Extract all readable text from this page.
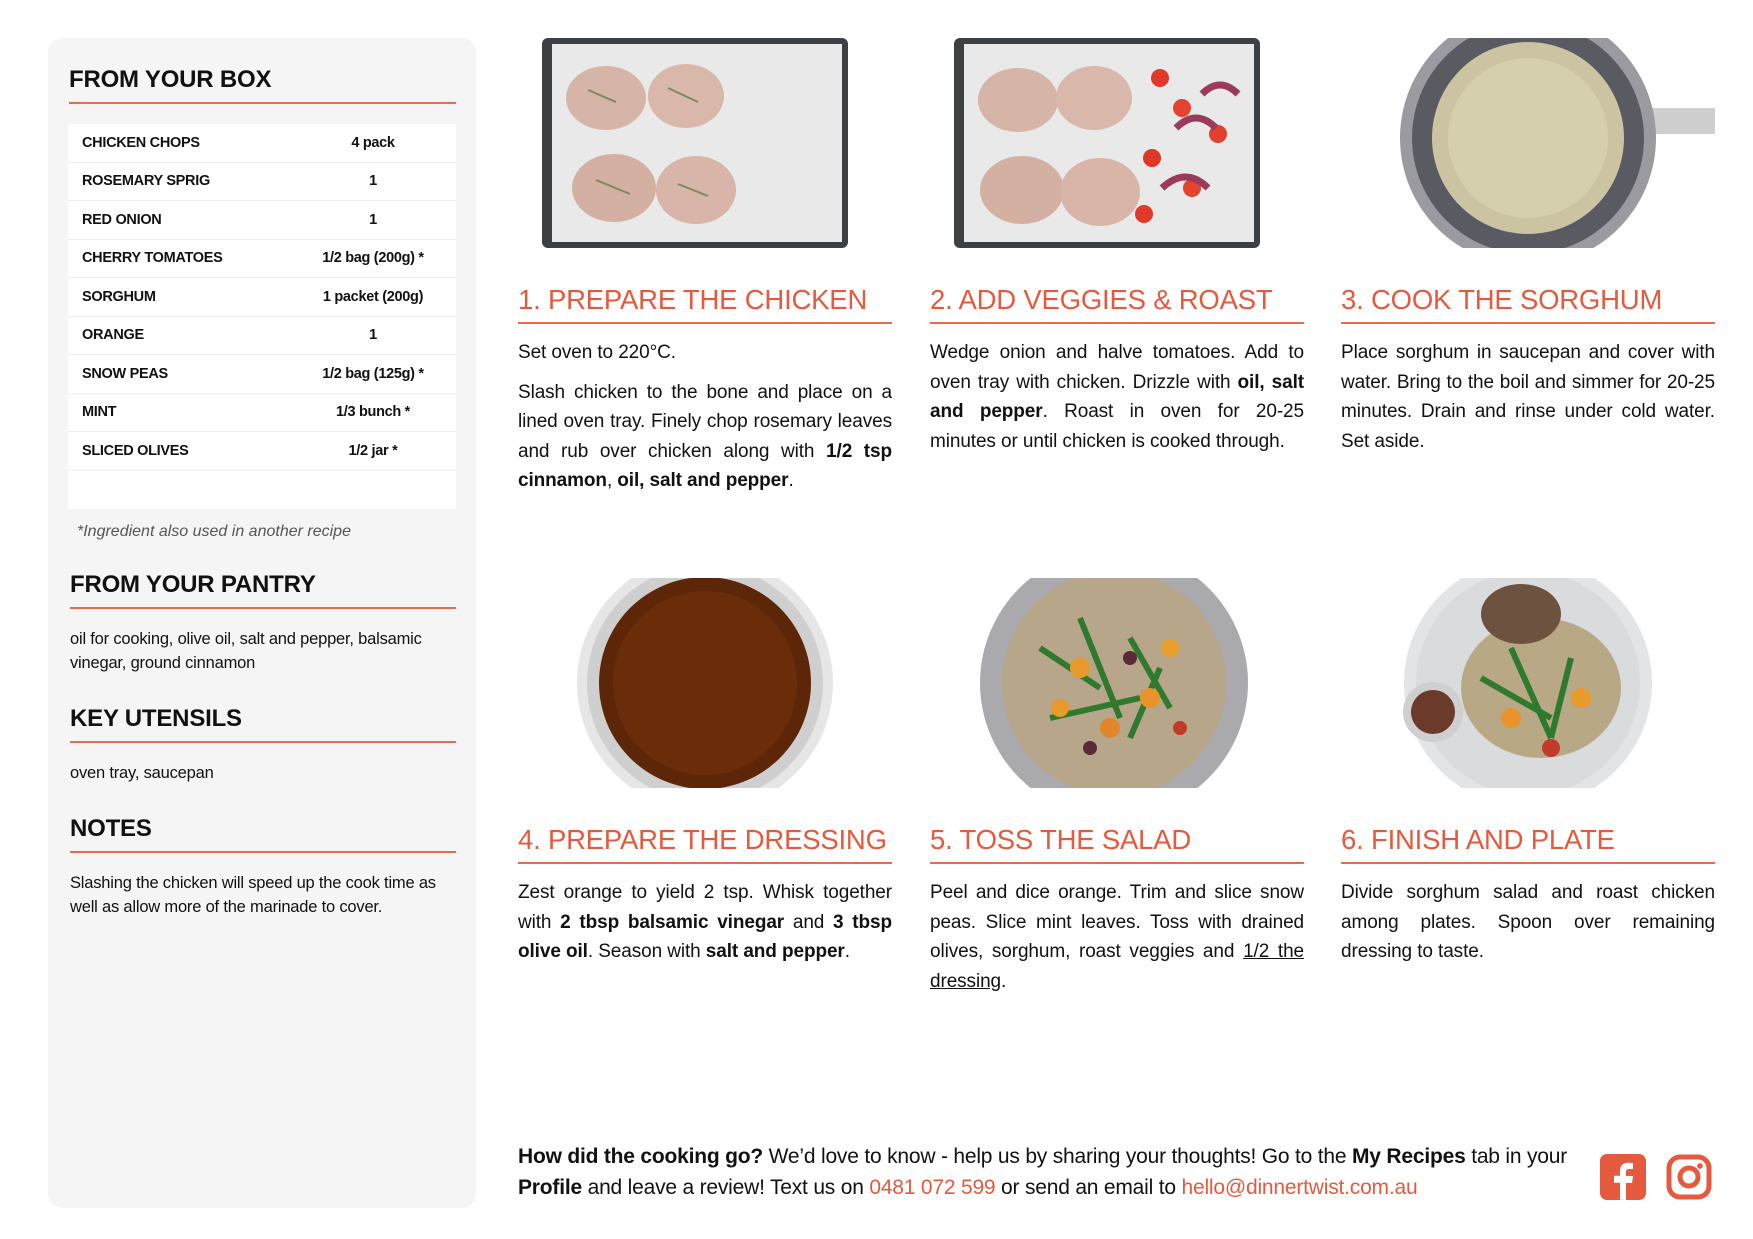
FROM YOUR BOX
CHICKEN CHOPS	4 pack
ROSEMARY SPRIG	1
RED ONION	1
CHERRY TOMATOES	1/2 bag (200g) *
SORGHUM	1 packet (200g)
ORANGE	1
SNOW PEAS	1/2 bag (125g) *
MINT	1/3 bunch *
SLICED OLIVES	1/2 jar *
*Ingredient also used in another recipe
FROM YOUR PANTRY
oil for cooking, olive oil, salt and pepper, balsamic vinegar, ground cinnamon
KEY UTENSILS
oven tray, saucepan
NOTES
Slashing the chicken will speed up the cook time as well as allow more of the marinade to cover.
1. PREPARE THE CHICKEN

Set oven to 220°C.

Slash chicken to the bone and place on a lined oven tray. Finely chop rosemary leaves and rub over chicken along with 1/2 tsp cinnamon, oil, salt and pepper.

2. ADD VEGGIES & ROAST

Wedge onion and halve tomatoes. Add to oven tray with chicken. Drizzle with oil, salt and pepper. Roast in oven for 20-25 minutes or until chicken is cooked through.

3. COOK THE SORGHUM

Place sorghum in saucepan and cover with water. Bring to the boil and simmer for 20-25 minutes. Drain and rinse under cold water. Set aside.

4. PREPARE THE DRESSING

Zest orange to yield 2 tsp. Whisk together with 2 tbsp balsamic vinegar and 3 tbsp olive oil. Season with salt and pepper.

5. TOSS THE SALAD

Peel and dice orange. Trim and slice snow peas. Slice mint leaves. Toss with drained olives, sorghum, roast veggies and 1/2 the dressing.

6. FINISH AND PLATE

Divide sorghum salad and roast chicken among plates. Spoon over remaining dressing to taste.

How did the cooking go? We’d love to know - help us by sharing your thoughts! Go to the My Recipes tab in your Profile and leave a review! Text us on 0481 072 599 or send an email to hello@dinnertwist.com.au
